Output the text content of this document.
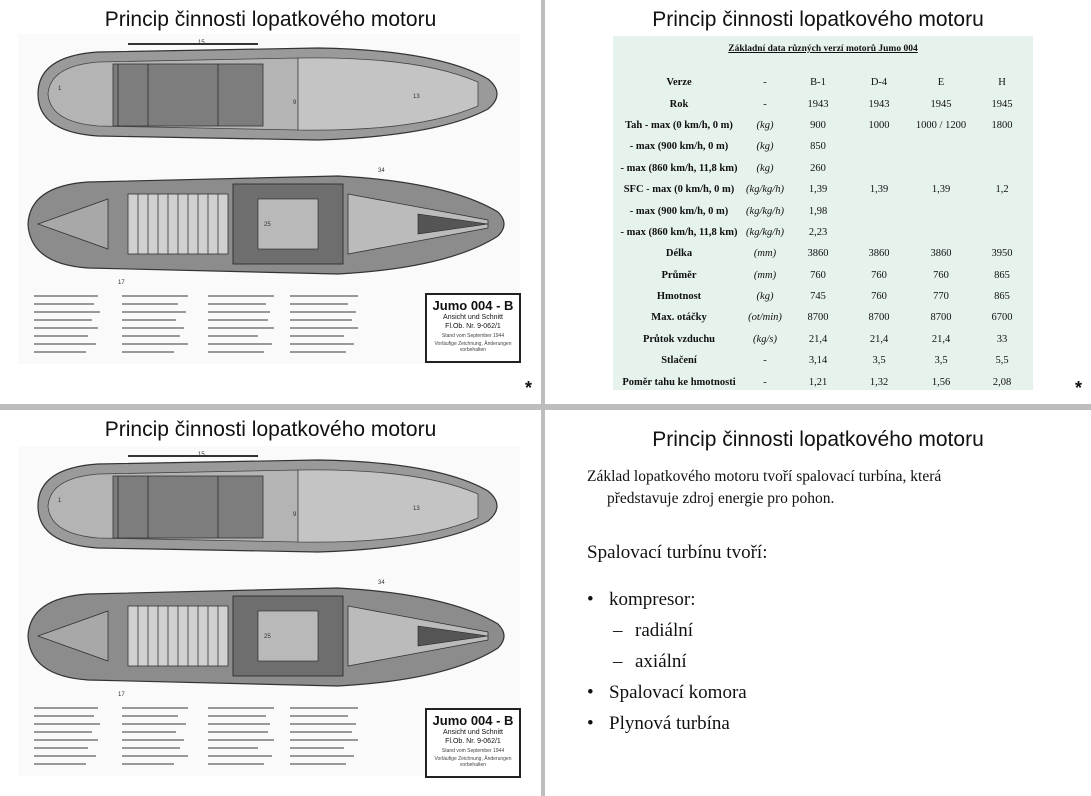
Princip činnosti lopatkového motoru
1
15
9
13
25
34
17
Jumo 004 - B
Ansicht und Schnitt
Fl.Ob. Nr. 9-062/1
Stand vom September 1944
Vorläufige Zeichnung, Änderungen vorbehalten
*
Princip činnosti lopatkového motoru
Základní data různých verzí motorů Jumo 004
Verze	-	B-1	D-4	E	H
Rok	-	1943	1943	1945	1945
Tah - max (0 km/h, 0 m)	(kg)	900	1000	1000 / 1200	1800
- max (900 km/h, 0 m)	(kg)	850			
- max (860 km/h, 11,8 km)	(kg)	260			
SFC - max (0 km/h, 0 m)	(kg/kg/h)	1,39	1,39	1,39	1,2
- max (900 km/h, 0 m)	(kg/kg/h)	1,98			
- max (860 km/h, 11,8 km)	(kg/kg/h)	2,23			
Délka	(mm)	3860	3860	3860	3950
Průměr	(mm)	760	760	760	865
Hmotnost	(kg)	745	760	770	865
Max. otáčky	(ot/min)	8700	8700	8700	6700
Průtok vzduchu	(kg/s)	21,4	21,4	21,4	33
Stlačení	-	3,14	3,5	3,5	5,5
Poměr tahu ke hmotnosti	-	1,21	1,32	1,56	2,08	*
Princip činnosti lopatkového motoru
1
15
9
13
25
34
17
Jumo 004 - B
Ansicht und Schnitt
Fl.Ob. Nr. 9-062/1
Stand vom September 1944
Vorläufige Zeichnung, Änderungen vorbehalten
Princip činnosti lopatkového motoru
Základ lopatkového motoru tvoří spalovací turbína, která
představuje zdroj energie pro pohon.
Spalovací turbínu tvoří:
• kompresor:
– radiální
– axiální
• Spalovací komora
• Plynová turbína
